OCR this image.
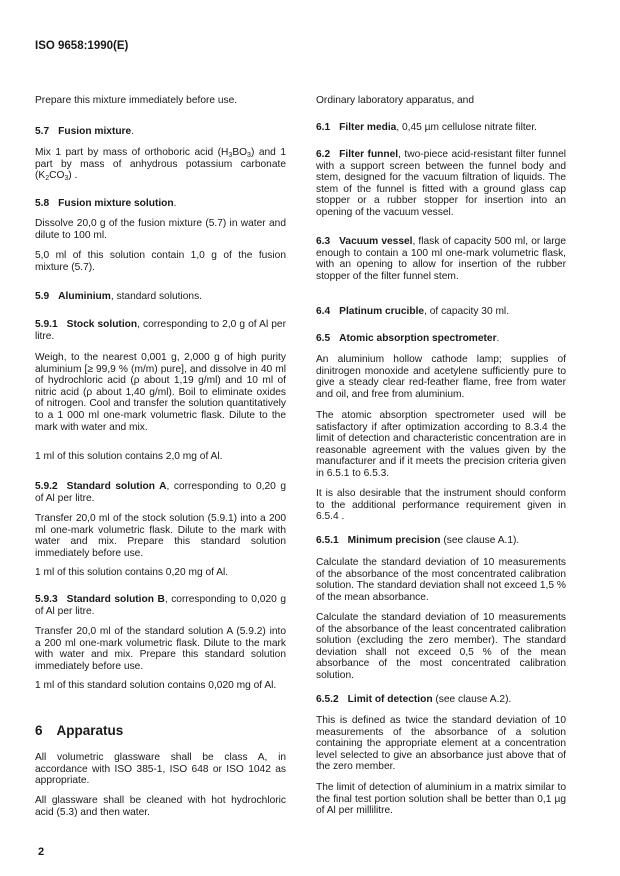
ISO 9658:1990(E)
Prepare this mixture immediately before use.
5.7 Fusion mixture.
Mix 1 part by mass of orthoboric acid $(H_3BO_3)$ and 1 part by mass of anhydrous potassium carbonate $(K_2CO_3)$ .
5.8 Fusion mixture solution.
Dissolve 20,0 g of the fusion mixture (5.7) in water and dilute to 100 ml.
5,0 ml of this solution contain 1,0 g of the fusion mixture (5.7).
5.9 Aluminium, standard solutions.
5.9.1 Stock solution, corresponding to 2,0 g of Al per litre.
Weigh, to the nearest 0,001 g, 2,000 g of high purity aluminium [≥ 99,9 % (m/m) pure], and dissolve in 40 ml of hydrochloric acid (ρ about 1,19 g/ml) and 10 ml of nitric acid (ρ about 1,40 g/ml). Boil to eliminate oxides of nitrogen. Cool and transfer the solution quantitatively to a 1 000 ml one-mark volumetric flask. Dilute to the mark with water and mix.
1 ml of this solution contains 2,0 mg of Al.
5.9.2 Standard solution A, corresponding to 0,20 g of Al per litre.
Transfer 20,0 ml of the stock solution (5.9.1) into a 200 ml one-mark volumetric flask. Dilute to the mark with water and mix. Prepare this standard solution immediately before use.
1 ml of this solution contains 0,20 mg of Al.
5.9.3 Standard solution B, corresponding to 0,020 g of Al per litre.
Transfer 20,0 ml of the standard solution A (5.9.2) into a 200 ml one-mark volumetric flask. Dilute to the mark with water and mix. Prepare this standard solution immediately before use.
1 ml of this standard solution contains 0,020 mg of Al.
6 Apparatus
All volumetric glassware shall be class A, in accordance with ISO 385-1, ISO 648 or ISO 1042 as appropriate.
All glassware shall be cleaned with hot hydrochloric acid (5.3) and then water.
2
Ordinary laboratory apparatus, and
6.1 Filter media, 0,45 µm cellulose nitrate filter.
6.2 Filter funnel, two-piece acid-resistant filter funnel with a support screen between the funnel body and stem, designed for the vacuum filtration of liquids. The stem of the funnel is fitted with a ground glass cap stopper or a rubber stopper for insertion into an opening of the vacuum vessel.
6.3 Vacuum vessel, flask of capacity 500 ml, or large enough to contain a 100 ml one-mark volumetric flask, with an opening to allow for insertion of the rubber stopper of the filter funnel stem.
6.4 Platinum crucible, of capacity 30 ml.
6.5 Atomic absorption spectrometer.
An aluminium hollow cathode lamp; supplies of dinitrogen monoxide and acetylene sufficiently pure to give a steady clear red-feather flame, free from water and oil, and free from aluminium.
The atomic absorption spectrometer used will be satisfactory if after optimization according to 8.3.4 the limit of detection and characteristic concentration are in reasonable agreement with the values given by the manufacturer and if it meets the precision criteria given in 6.5.1 to 6.5.3.
It is also desirable that the instrument should conform to the additional performance requirement given in 6.5.4 .
6.5.1 Minimum precision (see clause A.1).
Calculate the standard deviation of 10 measurements of the absorbance of the most concentrated calibration solution. The standard deviation shall not exceed 1,5 % of the mean absorbance.
Calculate the standard deviation of 10 measurements of the absorbance of the least concentrated calibration solution (excluding the zero member). The standard deviation shall not exceed 0,5 % of the mean absorbance of the most concentrated calibration solution.
6.5.2 Limit of detection (see clause A.2).
This is defined as twice the standard deviation of 10 measurements of the absorbance of a solution containing the appropriate element at a concentration level selected to give an absorbance just above that of the zero member.
The limit of detection of aluminium in a matrix similar to the final test portion solution shall be better than 0,1 µg of Al per millilitre.
